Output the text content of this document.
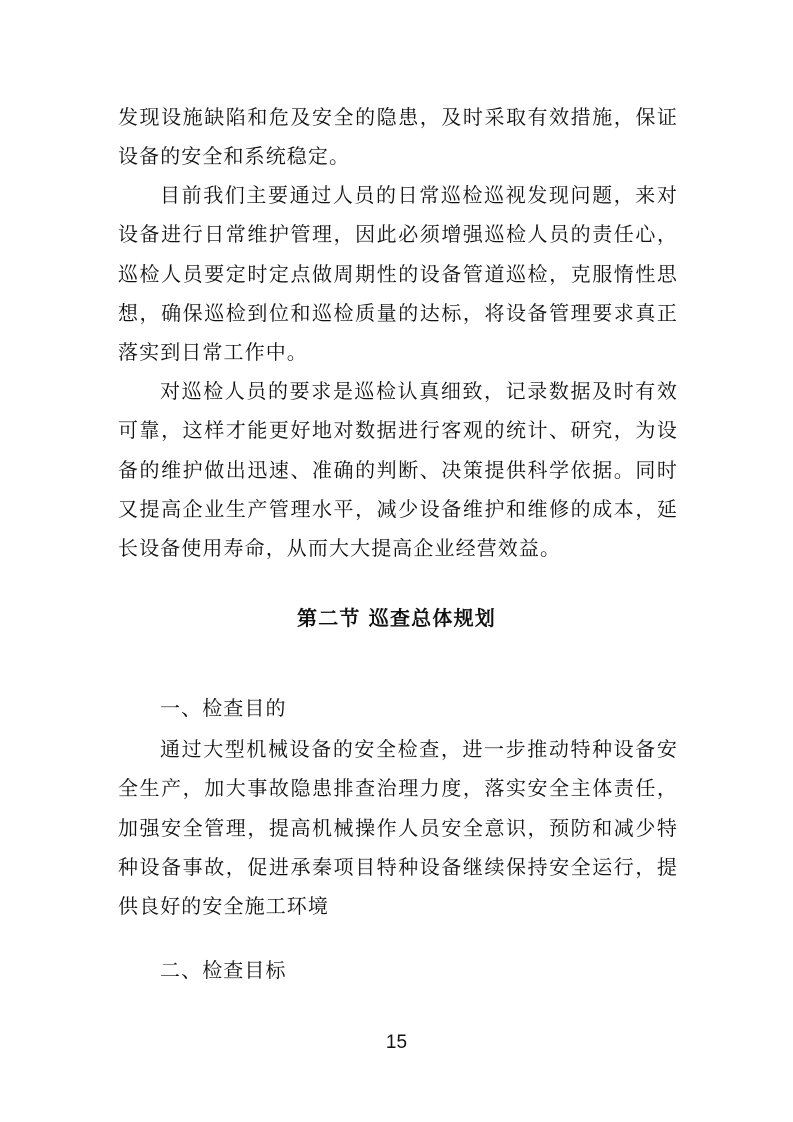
发现设施缺陷和危及安全的隐患，及时采取有效措施，保证设备的安全和系统稳定。

目前我们主要通过人员的日常巡检巡视发现问题，来对设备进行日常维护管理，因此必须增强巡检人员的责任心，巡检人员要定时定点做周期性的设备管道巡检，克服惰性思想，确保巡检到位和巡检质量的达标，将设备管理要求真正落实到日常工作中。

对巡检人员的要求是巡检认真细致，记录数据及时有效可靠，这样才能更好地对数据进行客观的统计、研究，为设备的维护做出迅速、准确的判断、决策提供科学依据。同时又提高企业生产管理水平，减少设备维护和维修的成本，延长设备使用寿命，从而大大提高企业经营效益。

第二节 巡查总体规划

一、检查目的

通过大型机械设备的安全检查，进一步推动特种设备安全生产，加大事故隐患排查治理力度，落实安全主体责任，加强安全管理，提高机械操作人员安全意识，预防和减少特种设备事故，促进承秦项目特种设备继续保持安全运行，提供良好的安全施工环境

二、检查目标

15
